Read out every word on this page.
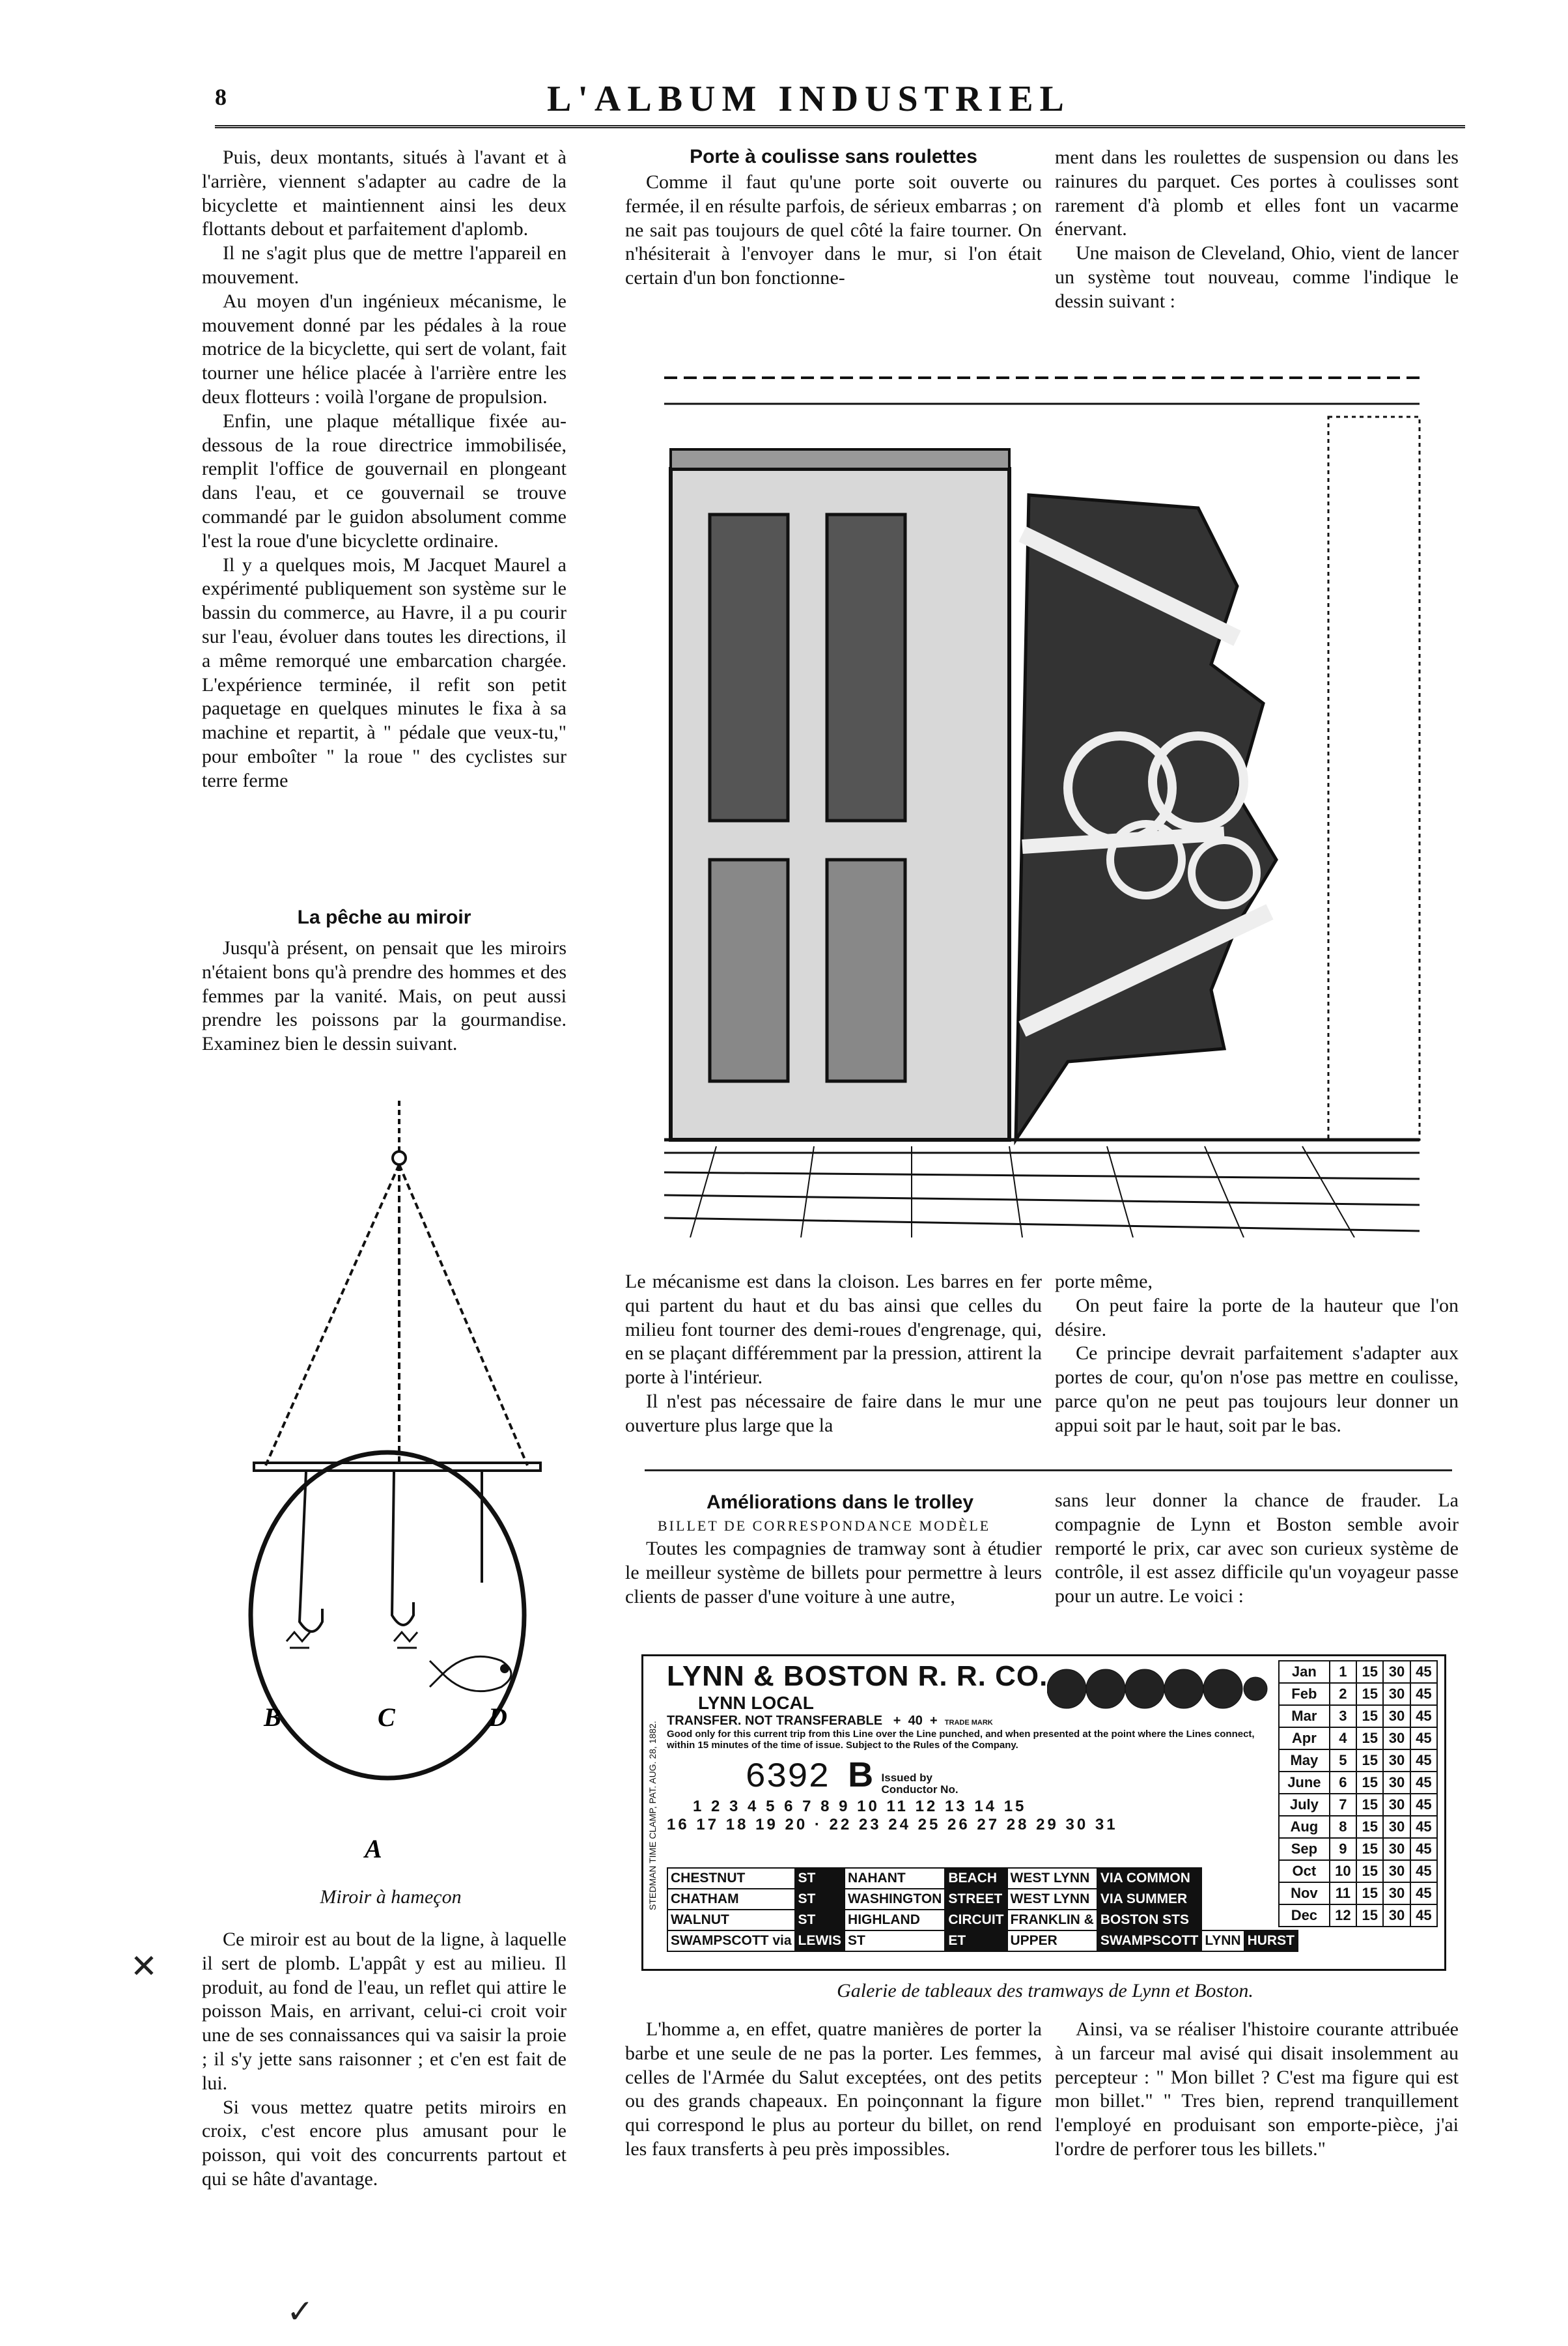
8	L'ALBUM INDUSTRIEL

Puis, deux montants, situés à l'avant et à l'arrière, viennent s'adapter au cadre de la bicyclette et maintiennent ainsi les deux flottants debout et parfaitement d'aplomb.

Il ne s'agit plus que de mettre l'appareil en mouvement.

Au moyen d'un ingénieux mécanisme, le mouvement donné par les pédales à la roue motrice de la bicyclette, qui sert de volant, fait tourner une hélice placée à l'arrière entre les deux flotteurs : voilà l'organe de propulsion.

Enfin, une plaque métallique fixée au-dessous de la roue directrice immobilisée, remplit l'office de gouvernail en plongeant dans l'eau, et ce gouvernail se trouve commandé par le guidon absolument comme l'est la roue d'une bicyclette ordinaire.

Il y a quelques mois, M Jacquet Maurel a expérimenté publiquement son système sur le bassin du commerce, au Havre, il a pu courir sur l'eau, évoluer dans toutes les directions, il a même remorqué une embarcation chargée. L'expérience terminée, il refit son petit paquetage en quelques minutes le fixa à sa machine et repartit, à " pédale que veux-tu," pour emboîter " la roue " des cyclistes sur terre ferme

La pêche au miroir

Jusqu'à présent, on pensait que les miroirs n'étaient bons qu'à prendre des hommes et des femmes par la vanité. Mais, on peut aussi prendre les poissons par la gourmandise. Examinez bien le dessin suivant.

B	C	D
A
Miroir à hameçon

Ce miroir est au bout de la ligne, à laquelle il sert de plomb. L'appât y est au milieu. Il produit, au fond de l'eau, un reflet qui attire le poisson Mais, en arrivant, celui-ci croit voir une de ses connaissances qui va saisir la proie ; il s'y jette sans raisonner ; et c'en est fait de lui.

Si vous mettez quatre petits miroirs en croix, c'est encore plus amusant pour le poisson, qui voit des concurrents partout et qui se hâte d'avantage.

✕
✓
Porte à coulisse sans roulettes

Comme il faut qu'une porte soit ouverte ou fermée, il en résulte parfois, de sérieux embarras ; on ne sait pas toujours de quel côté la faire tourner. On n'hésiterait à l'envoyer dans le mur, si l'on était certain d'un bon fonctionne-

ment dans les roulettes de suspension ou dans les rainures du parquet. Ces portes à coulisses sont rarement d'à plomb et elles font un vacarme énervant.

Une maison de Cleveland, Ohio, vient de lancer un système tout nouveau, comme l'indique le dessin suivant :

Le mécanisme est dans la cloison. Les barres en fer qui partent du haut et du bas ainsi que celles du milieu font tourner des demi-roues d'engrenage, qui, en se plaçant différemment par la pression, attirent la porte à l'intérieur.

Il n'est pas nécessaire de faire dans le mur une ouverture plus large que la

porte même,

On peut faire la porte de la hauteur que l'on désire.

Ce principe devrait parfaitement s'adapter aux portes de cour, qu'on n'ose pas mettre en coulisse, parce qu'on ne peut pas toujours leur donner un appui soit par le haut, soit par le bas.

Améliorations dans le trolley
BILLET DE CORRESPONDANCE MODÈLE

Toutes les compagnies de tramway sont à étudier le meilleur système de billets pour permettre à leurs clients de passer d'une voiture à une autre,

sans leur donner la chance de frauder. La compagnie de Lynn et Boston semble avoir remporté le prix, car avec son curieux système de contrôle, il est assez difficile qu'un voyageur passe pour un autre. Le voici :

STEDMAN TIME CLAMP, PAT. AUG. 28, 1882.
LYNN & BOSTON R. R. CO.
LYNN LOCAL
TRANSFER. NOT TRANSFERABLE + 40 + TRADE MARK
Good only for this current trip from this Line over the Line punched, and when presented at the point where the Lines connect, within 15 minutes of the time of issue. Subject to the Rules of the Company.
6392 B Issued by
Conductor No.
1 2 3 4 5 6 7 8 9 10 11 12 13 14 15
16 17 18 19 20 · 22 23 24 25 26 27 28 29 30 31
CHESTNUT	ST	NAHANT	BEACH	WEST LYNN	VIA COMMON		
CHATHAM	ST	WASHINGTON	STREET	WEST LYNN	VIA SUMMER		
WALNUT	ST	HIGHLAND	CIRCUIT	FRANKLIN &	BOSTON STS		
SWAMPSCOTT via	LEWIS	ST	ET	UPPER	SWAMPSCOTT	LYNN	HURST
Jan	1	15	30	45
Feb	2	15	30	45
Mar	3	15	30	45
Apr	4	15	30	45
May	5	15	30	45
June	6	15	30	45
July	7	15	30	45
Aug	8	15	30	45
Sep	9	15	30	45
Oct	10	15	30	45
Nov	11	15	30	45
Dec	12	15	30	45
Galerie de tableaux des tramways de Lynn et Boston.

L'homme a, en effet, quatre manières de porter la barbe et une seule de ne pas la porter. Les femmes, celles de l'Armée du Salut exceptées, ont des petits ou des grands chapeaux. En poinçonnant la figure qui correspond le plus au porteur du billet, on rend les faux transferts à peu près impossibles.

Ainsi, va se réaliser l'histoire courante attribuée à un farceur mal avisé qui disait insolemment au percepteur : " Mon billet ? C'est ma figure qui est mon billet." " Tres bien, reprend tranquillement l'employé en produisant son emporte-pièce, j'ai l'ordre de perforer tous les billets."
